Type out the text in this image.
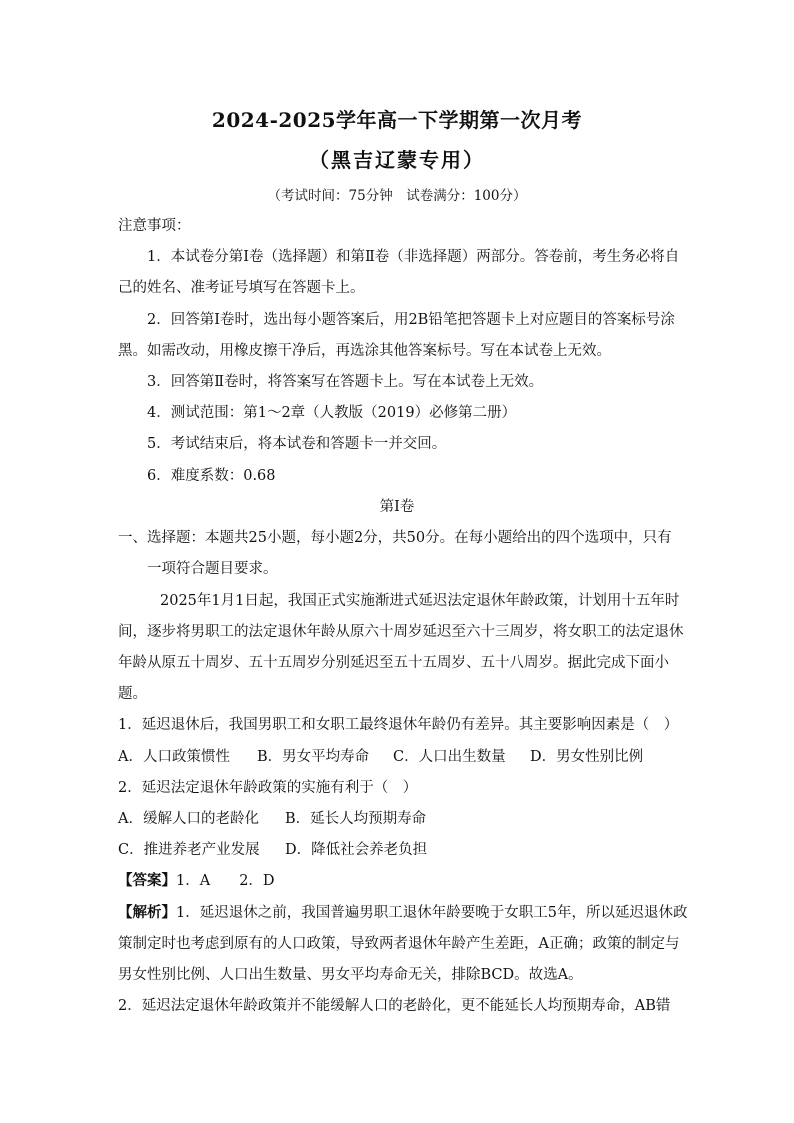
2024-2025学年高一下学期第一次月考
（黑吉辽蒙专用）
（考试时间：75分钟　试卷满分：100分）
注意事项：
1．本试卷分第Ⅰ卷（选择题）和第Ⅱ卷（非选择题）两部分。答卷前，考生务必将自
己的姓名、准考证号填写在答题卡上。
2．回答第Ⅰ卷时，选出每小题答案后，用2B铅笔把答题卡上对应题目的答案标号涂
黑。如需改动，用橡皮擦干净后，再选涂其他答案标号。写在本试卷上无效。
3．回答第Ⅱ卷时，将答案写在答题卡上。写在本试卷上无效。
4．测试范围：第1～2章（人教版（2019）必修第二册）
5．考试结束后，将本试卷和答题卡一并交回。
6．难度系数：0.68
第Ⅰ卷
一、选择题：本题共25小题，每小题2分，共50分。在每小题给出的四个选项中，只有
一项符合题目要求。
2025年1月1日起，我国正式实施渐进式延迟法定退休年龄政策，计划用十五年时
间，逐步将男职工的法定退休年龄从原六十周岁延迟至六十三周岁，将女职工的法定退休
年龄从原五十周岁、五十五周岁分别延迟至五十五周岁、五十八周岁。据此完成下面小
题。
1．延迟退休后，我国男职工和女职工最终退休年龄仍有差异。其主要影响因素是（　）
A．人口政策惯性 B．男女平均寿命 C．人口出生数量 D．男女性别比例
2．延迟法定退休年龄政策的实施有利于（　）
A．缓解人口的老龄化 B．延长人均预期寿命
C．推进养老产业发展 D．降低社会养老负担
【答案】1．A　　2．D
【解析】1．延迟退休之前，我国普遍男职工退休年龄要晚于女职工5年，所以延迟退休政
策制定时也考虑到原有的人口政策，导致两者退休年龄产生差距，A正确；政策的制定与
男女性别比例、人口出生数量、男女平均寿命无关，排除BCD。故选A。
2．延迟法定退休年龄政策并不能缓解人口的老龄化，更不能延长人均预期寿命，AB错
